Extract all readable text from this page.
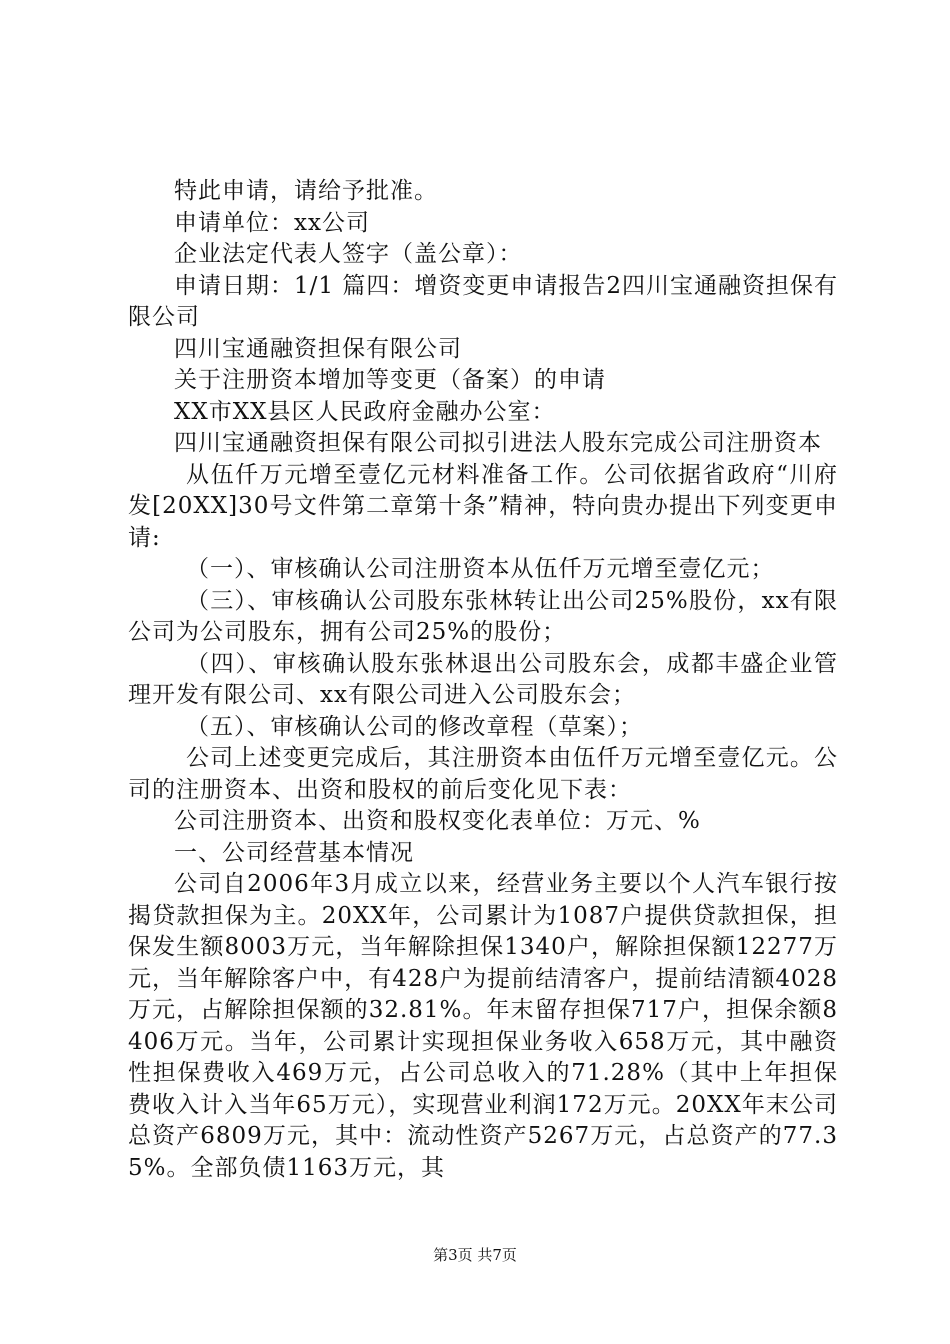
特此申请，请给予批准。

申请单位：xx公司

企业法定代表人签字（盖公章）：

申请日期：1/1 篇四：增资变更申请报告2四川宝通融资担保有限公司

四川宝通融资担保有限公司

关于注册资本增加等变更（备案）的申请

XX市XX县区人民政府金融办公室：

四川宝通融资担保有限公司拟引进法人股东完成公司注册资本

从伍仟万元增至壹亿元材料准备工作。公司依据省政府“川府发[20XX]30号文件第二章第十条”精神，特向贵办提出下列变更申请:

（一）、审核确认公司注册资本从伍仟万元增至壹亿元；

（三）、审核确认公司股东张林转让出公司25%股份，xx有限公司为公司股东，拥有公司25%的股份；

（四）、审核确认股东张林退出公司股东会，成都丰盛企业管理开发有限公司、xx有限公司进入公司股东会；

（五）、审核确认公司的修改章程（草案）；

公司上述变更完成后，其注册资本由伍仟万元增至壹亿元。公司的注册资本、出资和股权的前后变化见下表：

公司注册资本、出资和股权变化表单位：万元、%

一、公司经营基本情况

公司自2006年3月成立以来，经营业务主要以个人汽车银行按揭贷款担保为主。20XX年，公司累计为1087户提供贷款担保，担保发生额8003万元，当年解除担保1340户，解除担保额12277万元，当年解除客户中，有428户为提前结清客户，提前结清额4028万元，占解除担保额的32.81%。年末留存担保717户，担保余额8406万元。当年，公司累计实现担保业务收入658万元，其中融资性担保费收入469万元，占公司总收入的71.28%（其中上年担保费收入计入当年65万元），实现营业利润172万元。20XX年末公司总资产6809万元，其中：流动性资产5267万元，占总资产的77.35%。全部负债1163万元，其

第3页 共7页
